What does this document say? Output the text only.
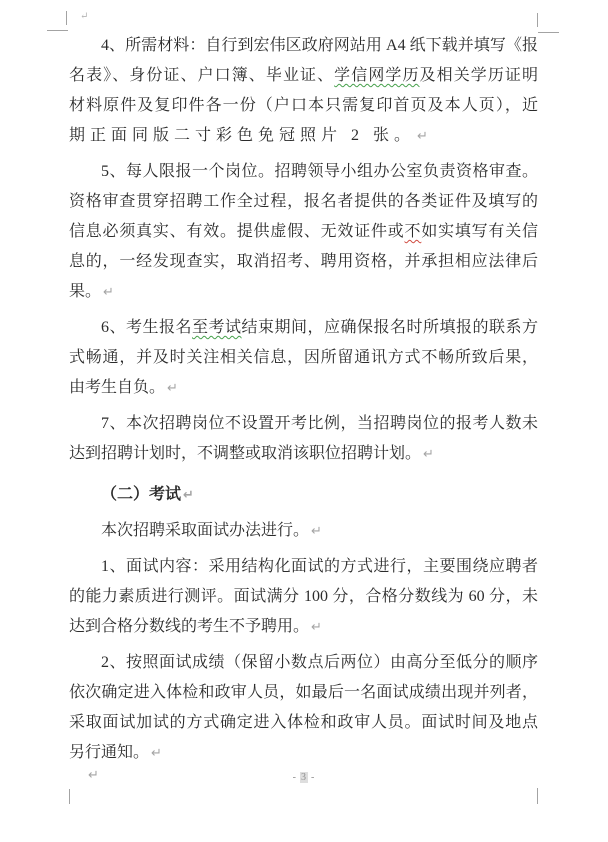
↵
4、所需材料：自行到宏伟区政府网站用 A4 纸下载并填写《报
名表》、身份证、户口簿、毕业证、学信网学历及相关学历证明
材料原件及复印件各一份（户口本只需复印首页及本人页），近
期正面同版二寸彩色免冠照片 2 张。 ↵
5、每人限报一个岗位。招聘领导小组办公室负责资格审查。
资格审查贯穿招聘工作全过程，报名者提供的各类证件及填写的
信息必须真实、有效。提供虚假、无效证件或不如实填写有关信
息的，一经发现查实，取消招考、聘用资格，并承担相应法律后
果。 ↵
6、考生报名至考试结束期间，应确保报名时所填报的联系方
式畅通，并及时关注相关信息，因所留通讯方式不畅所致后果，
由考生自负。 ↵
7、本次招聘岗位不设置开考比例，当招聘岗位的报考人数未
达到招聘计划时，不调整或取消该职位招聘计划。 ↵
（二）考试 ↵
本次招聘采取面试办法进行。 ↵
1、面试内容：采用结构化面试的方式进行，主要围绕应聘者
的能力素质进行测评。面试满分 100 分，合格分数线为 60 分，未
达到合格分数线的考生不予聘用。 ↵
2、按照面试成绩（保留小数点后两位）由高分至低分的顺序
依次确定进入体检和政审人员，如最后一名面试成绩出现并列者，
采取面试加试的方式确定进入体检和政审人员。面试时间及地点
另行通知。 ↵
↵	- 3 -
